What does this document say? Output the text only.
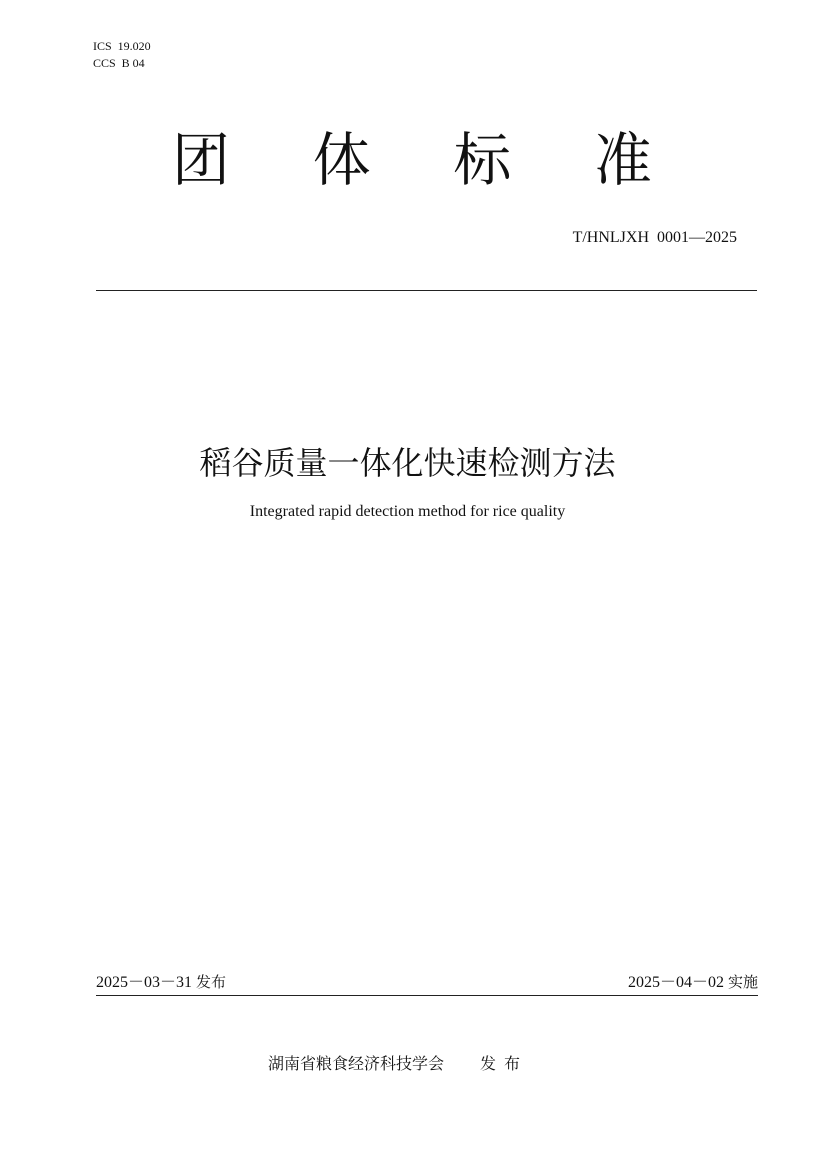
ICS  19.020
CCS  B 04
团 体 标 准
T/HNLJXH  0001—2025
稻谷质量一体化快速检测方法
Integrated rapid detection method for rice quality
2025－03－31 发布	2025－04－02 实施
湖南省粮食经济科技学会 发布
